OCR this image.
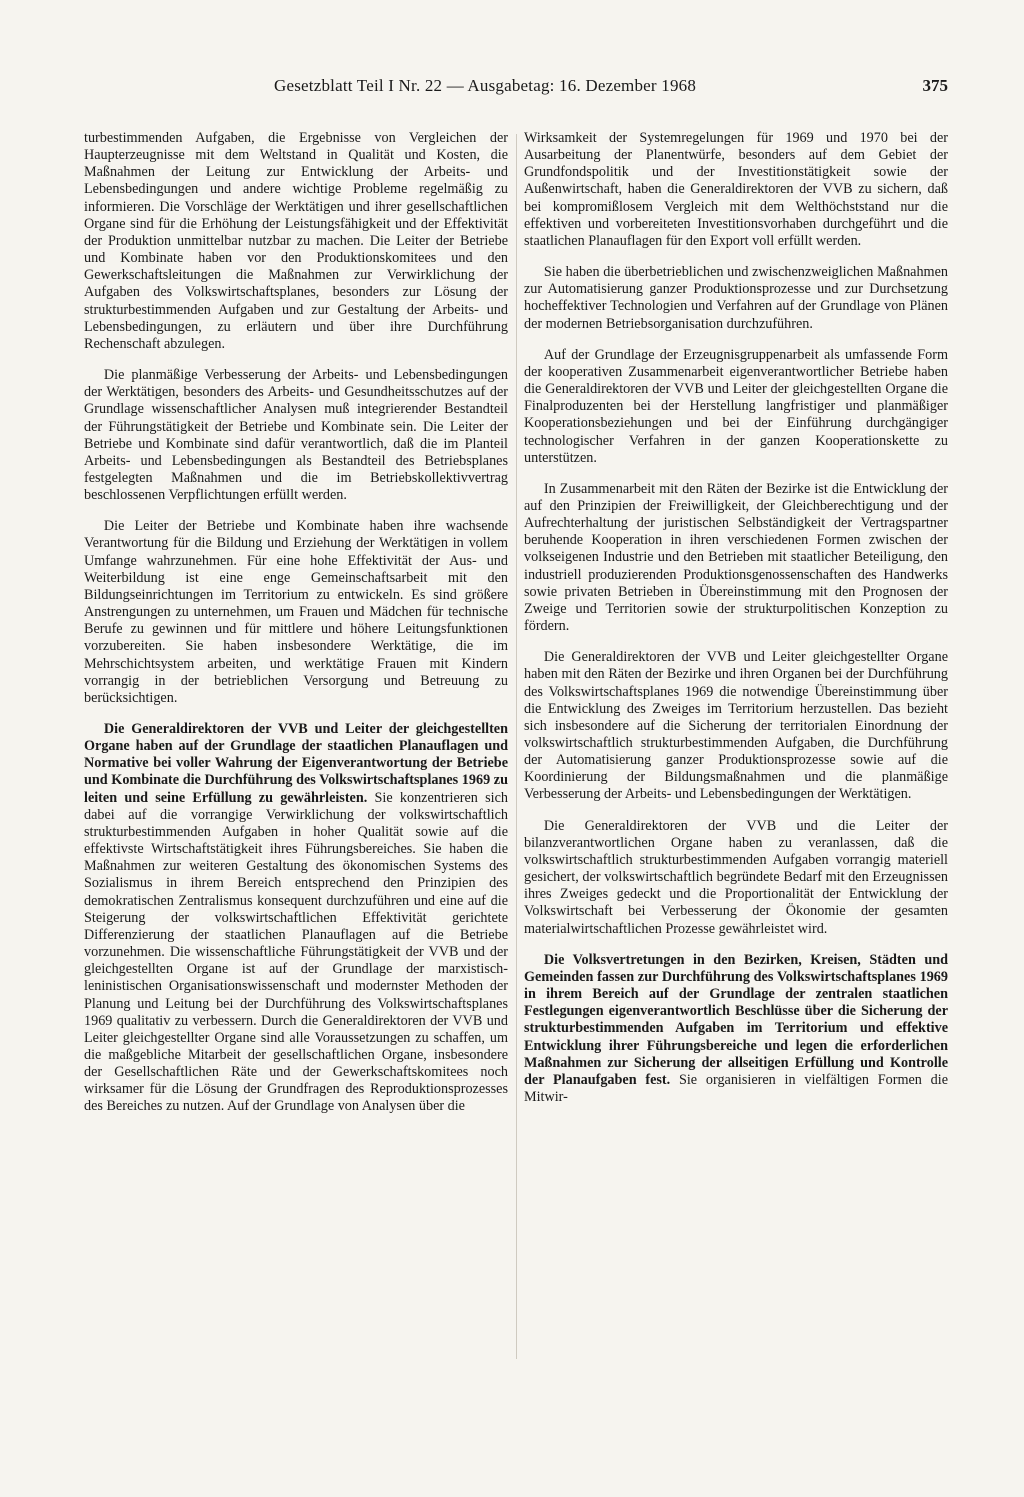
Gesetzblatt Teil I Nr. 22 — Ausgabetag: 16. Dezember 1968	375

turbestimmenden Aufgaben, die Ergebnisse von Vergleichen der Haupterzeugnisse mit dem Weltstand in Qualität und Kosten, die Maßnahmen der Leitung zur Entwicklung der Arbeits- und Lebensbedingungen und andere wichtige Probleme regelmäßig zu informieren. Die Vorschläge der Werktätigen und ihrer gesellschaftlichen Organe sind für die Erhöhung der Leistungsfähigkeit und der Effektivität der Produktion unmittelbar nutzbar zu machen. Die Leiter der Betriebe und Kombinate haben vor den Produktionskomitees und den Gewerkschaftsleitungen die Maßnahmen zur Verwirklichung der Aufgaben des Volkswirtschaftsplanes, besonders zur Lösung der strukturbestimmenden Aufgaben und zur Gestaltung der Arbeits- und Lebensbedingungen, zu erläutern und über ihre Durchführung Rechenschaft abzulegen.

Die planmäßige Verbesserung der Arbeits- und Lebensbedingungen der Werktätigen, besonders des Arbeits- und Gesundheitsschutzes auf der Grundlage wissenschaftlicher Analysen muß integrierender Bestandteil der Führungstätigkeit der Betriebe und Kombinate sein. Die Leiter der Betriebe und Kombinate sind dafür verantwortlich, daß die im Planteil Arbeits- und Lebensbedingungen als Bestandteil des Betriebsplanes festgelegten Maßnahmen und die im Betriebskollektivvertrag beschlossenen Verpflichtungen erfüllt werden.

Die Leiter der Betriebe und Kombinate haben ihre wachsende Verantwortung für die Bildung und Erziehung der Werktätigen in vollem Umfange wahrzunehmen. Für eine hohe Effektivität der Aus- und Weiterbildung ist eine enge Gemeinschaftsarbeit mit den Bildungseinrichtungen im Territorium zu entwickeln. Es sind größere Anstrengungen zu unternehmen, um Frauen und Mädchen für technische Berufe zu gewinnen und für mittlere und höhere Leitungsfunktionen vorzubereiten. Sie haben insbesondere Werktätige, die im Mehrschichtsystem arbeiten, und werktätige Frauen mit Kindern vorrangig in der betrieblichen Versorgung und Betreuung zu berücksichtigen.

Die Generaldirektoren der VVB und Leiter der gleichgestellten Organe haben auf der Grundlage der staatlichen Planauflagen und Normative bei voller Wahrung der Eigenverantwortung der Betriebe und Kombinate die Durchführung des Volkswirtschaftsplanes 1969 zu leiten und seine Erfüllung zu gewährleisten. Sie konzentrieren sich dabei auf die vorrangige Verwirklichung der volkswirtschaftlich strukturbestimmenden Aufgaben in hoher Qualität sowie auf die effektivste Wirtschaftstätigkeit ihres Führungsbereiches. Sie haben die Maßnahmen zur weiteren Gestaltung des ökonomischen Systems des Sozialismus in ihrem Bereich entsprechend den Prinzipien des demokratischen Zentralismus konsequent durchzuführen und eine auf die Steigerung der volkswirtschaftlichen Effektivität gerichtete Differenzierung der staatlichen Planauflagen auf die Betriebe vorzunehmen. Die wissenschaftliche Führungstätigkeit der VVB und der gleichgestellten Organe ist auf der Grundlage der marxistisch-leninistischen Organisationswissenschaft und modernster Methoden der Planung und Leitung bei der Durchführung des Volkswirtschaftsplanes 1969 qualitativ zu verbessern. Durch die Generaldirektoren der VVB und Leiter gleichgestellter Organe sind alle Voraussetzungen zu schaffen, um die maßgebliche Mitarbeit der gesellschaftlichen Organe, insbesondere der Gesellschaftlichen Räte und der Gewerkschaftskomitees noch wirksamer für die Lösung der Grundfragen des Reproduktionsprozesses des Bereiches zu nutzen. Auf der Grundlage von Analysen über die

Wirksamkeit der Systemregelungen für 1969 und 1970 bei der Ausarbeitung der Planentwürfe, besonders auf dem Gebiet der Grundfondspolitik und der Investitionstätigkeit sowie der Außenwirtschaft, haben die Generaldirektoren der VVB zu sichern, daß bei kompromißlosem Vergleich mit dem Welthöchststand nur die effektiven und vorbereiteten Investitionsvorhaben durchgeführt und die staatlichen Planauflagen für den Export voll erfüllt werden.

Sie haben die überbetrieblichen und zwischenzweiglichen Maßnahmen zur Automatisierung ganzer Produktionsprozesse und zur Durchsetzung hocheffektiver Technologien und Verfahren auf der Grundlage von Plänen der modernen Betriebsorganisation durchzuführen.

Auf der Grundlage der Erzeugnisgruppenarbeit als umfassende Form der kooperativen Zusammenarbeit eigenverantwortlicher Betriebe haben die Generaldirektoren der VVB und Leiter der gleichgestellten Organe die Finalproduzenten bei der Herstellung langfristiger und planmäßiger Kooperationsbeziehungen und bei der Einführung durchgängiger technologischer Verfahren in der ganzen Kooperationskette zu unterstützen.

In Zusammenarbeit mit den Räten der Bezirke ist die Entwicklung der auf den Prinzipien der Freiwilligkeit, der Gleichberechtigung und der Aufrechterhaltung der juristischen Selbständigkeit der Vertragspartner beruhende Kooperation in ihren verschiedenen Formen zwischen der volkseigenen Industrie und den Betrieben mit staatlicher Beteiligung, den industriell produzierenden Produktionsgenossenschaften des Handwerks sowie privaten Betrieben in Übereinstimmung mit den Prognosen der Zweige und Territorien sowie der strukturpolitischen Konzeption zu fördern.

Die Generaldirektoren der VVB und Leiter gleichgestellter Organe haben mit den Räten der Bezirke und ihren Organen bei der Durchführung des Volkswirtschaftsplanes 1969 die notwendige Übereinstimmung über die Entwicklung des Zweiges im Territorium herzustellen. Das bezieht sich insbesondere auf die Sicherung der territorialen Einordnung der volkswirtschaftlich strukturbestimmenden Aufgaben, die Durchführung der Automatisierung ganzer Produktionsprozesse sowie auf die Koordinierung der Bildungsmaßnahmen und die planmäßige Verbesserung der Arbeits- und Lebensbedingungen der Werktätigen.

Die Generaldirektoren der VVB und die Leiter der bilanzverantwortlichen Organe haben zu veranlassen, daß die volkswirtschaftlich strukturbestimmenden Aufgaben vorrangig materiell gesichert, der volkswirtschaftlich begründete Bedarf mit den Erzeugnissen ihres Zweiges gedeckt und die Proportionalität der Entwicklung der Volkswirtschaft bei Verbesserung der Ökonomie der gesamten materialwirtschaftlichen Prozesse gewährleistet wird.

Die Volksvertretungen in den Bezirken, Kreisen, Städten und Gemeinden fassen zur Durchführung des Volkswirtschaftsplanes 1969 in ihrem Bereich auf der Grundlage der zentralen staatlichen Festlegungen eigenverantwortlich Beschlüsse über die Sicherung der strukturbestimmenden Aufgaben im Territorium und effektive Entwicklung ihrer Führungsbereiche und legen die erforderlichen Maßnahmen zur Sicherung der allseitigen Erfüllung und Kontrolle der Planaufgaben fest. Sie organisieren in vielfältigen Formen die Mitwir-
